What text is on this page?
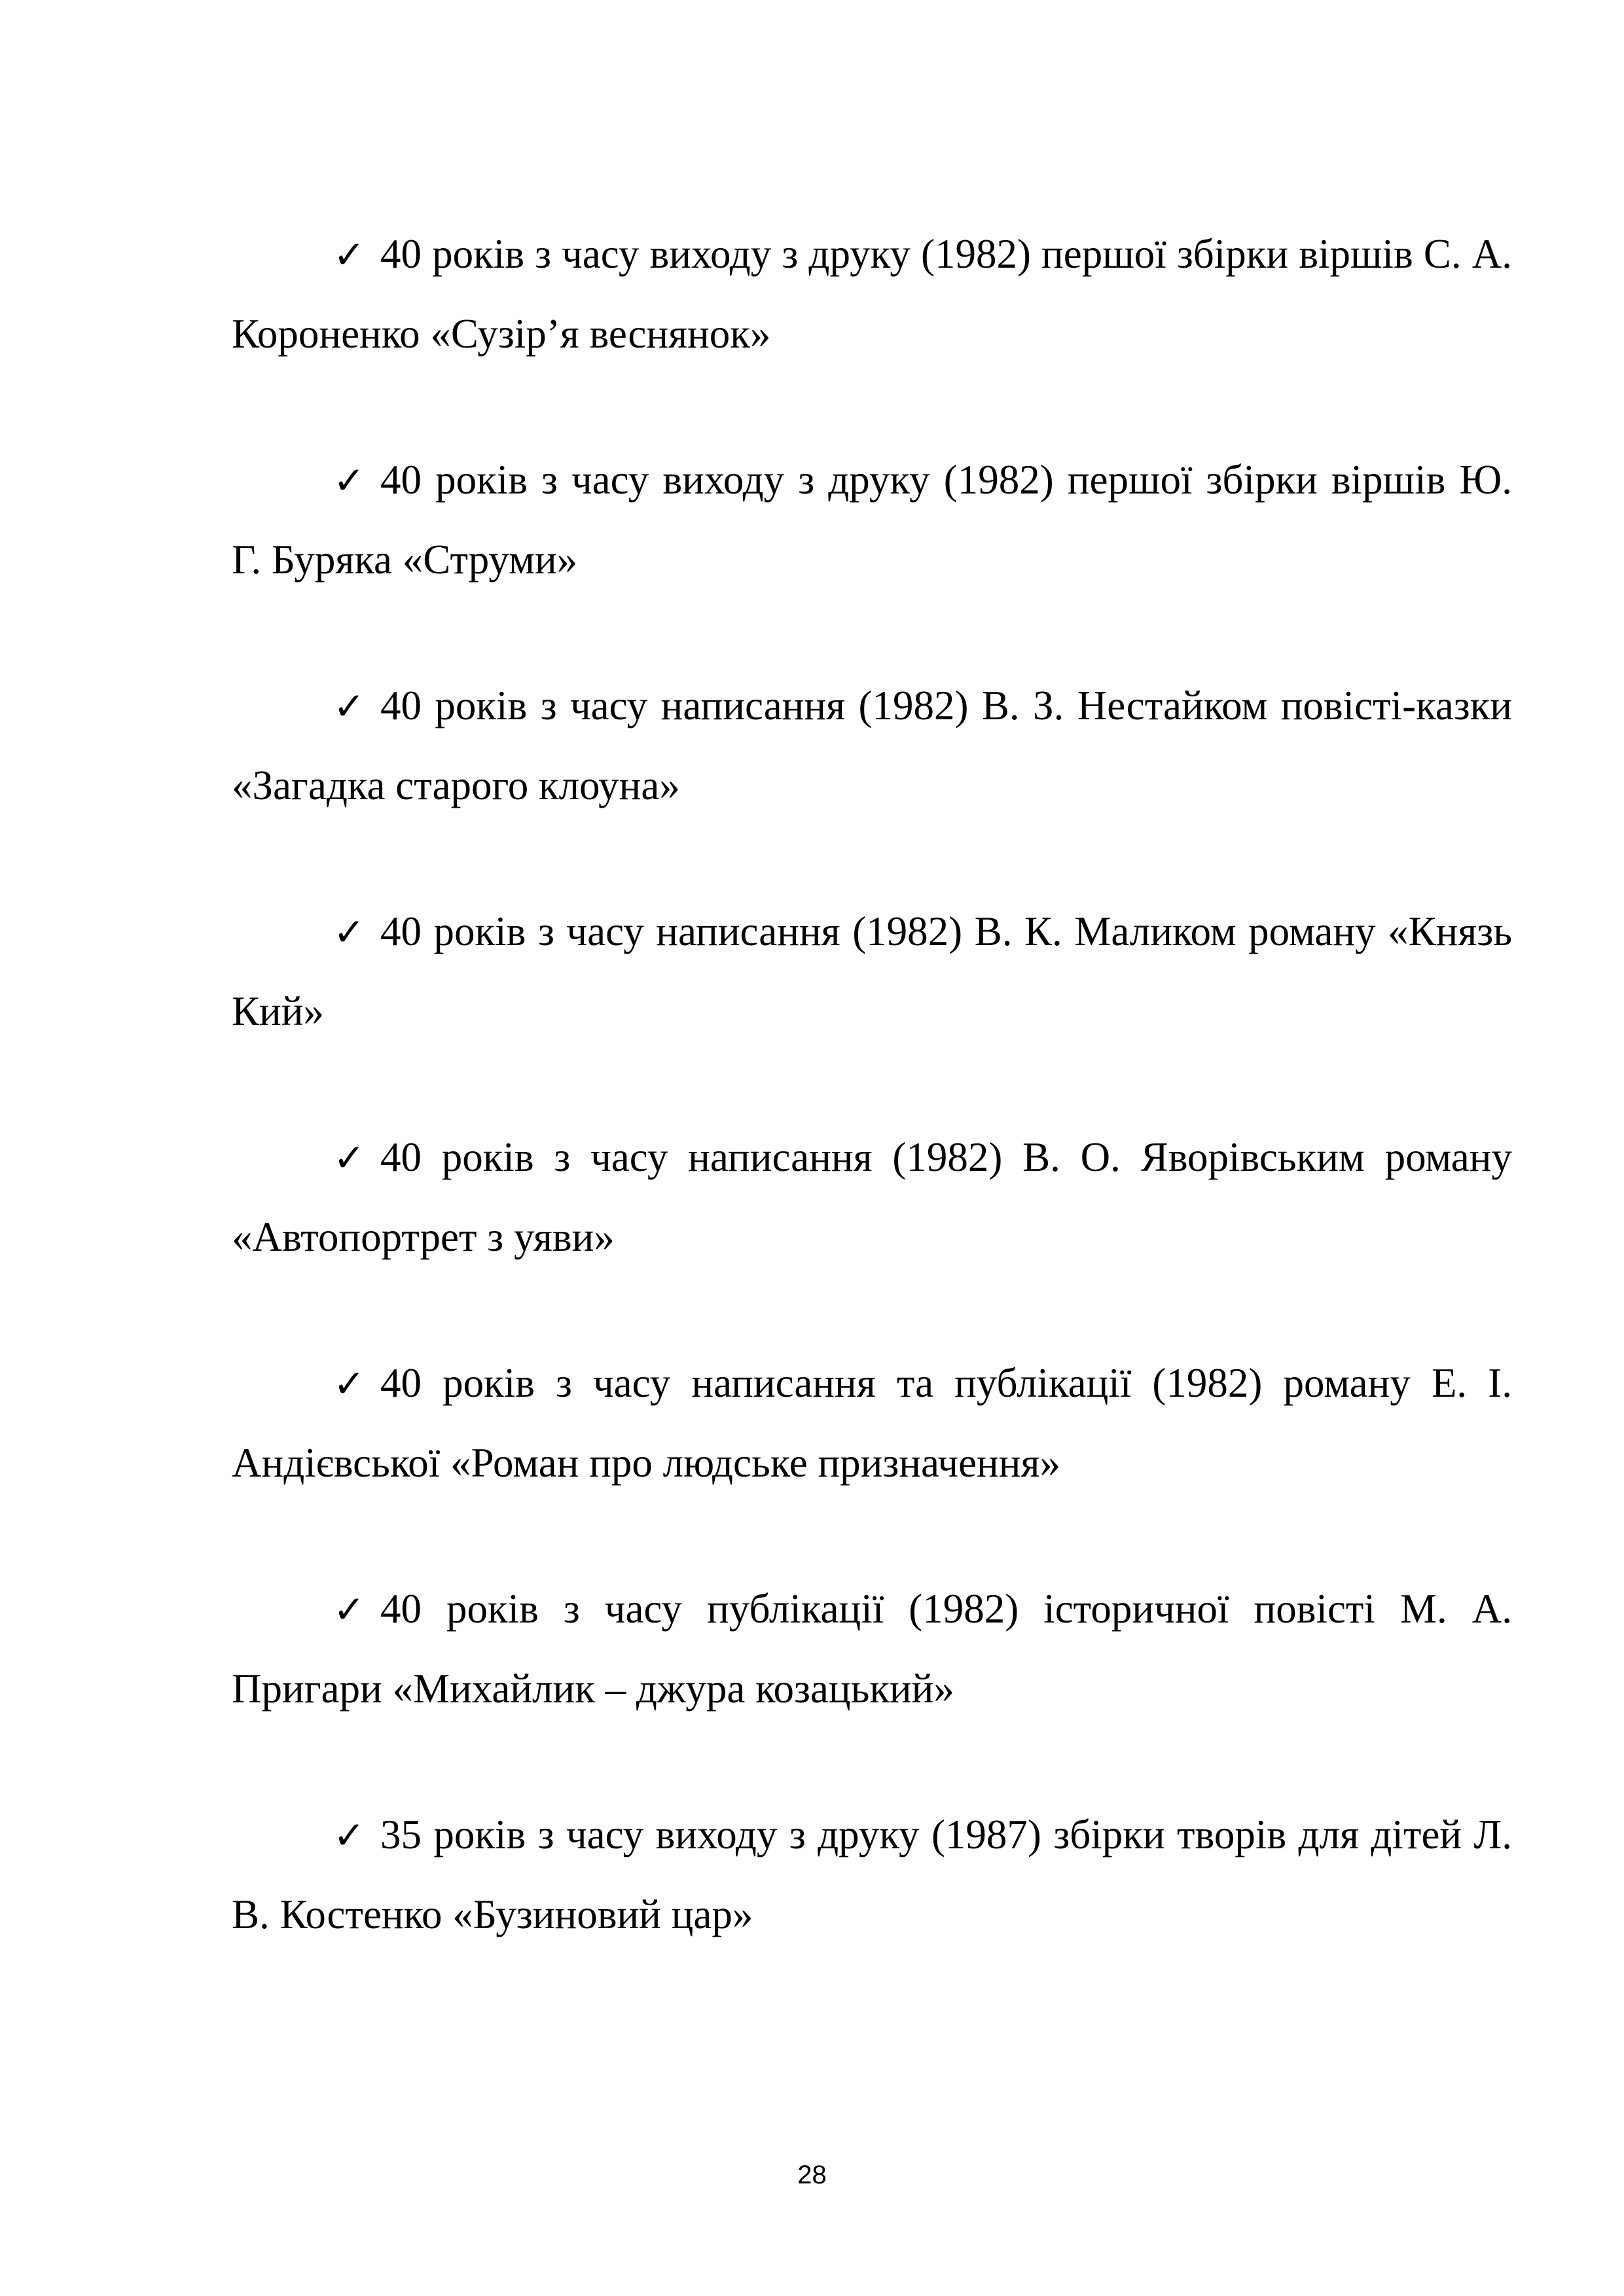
✓ 40 років з часу виходу з друку (1982) першої збірки віршів С. А. Короненко «Сузір’я веснянок»

✓ 40 років з часу виходу з друку (1982) першої збірки віршів Ю. Г. Буряка «Струми»

✓ 40 років з часу написання (1982) В. З. Нестайком повісті-казки «Загадка старого клоуна»

✓ 40 років з часу написання (1982) В. К. Маликом роману «Князь Кий»

✓ 40 років з часу написання (1982) В. О. Яворівським роману «Автопортрет з уяви»

✓ 40 років з часу написання та публікації (1982) роману Е. І. Андієвської «Роман про людське призначення»

✓ 40 років з часу публікації (1982) історичної повісті М. А. Пригари «Михайлик – джура козацький»

✓ 35 років з часу виходу з друку (1987) збірки творів для дітей Л. В. Костенко «Бузиновий цар»

28
